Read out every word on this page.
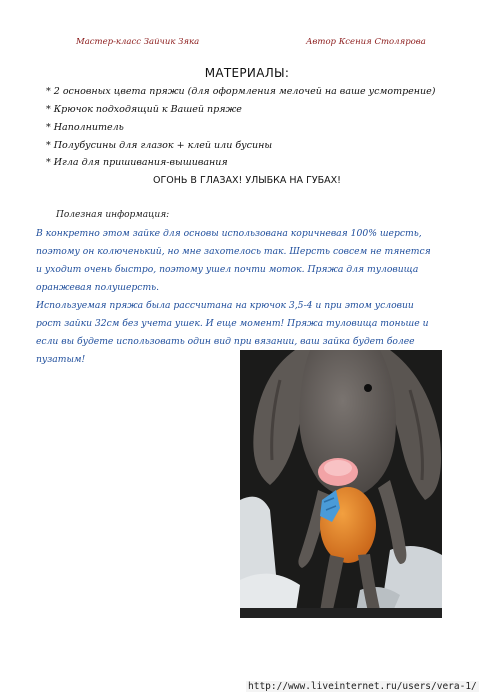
Мастер-класс Зайчик Зяка	Автор Ксения Столярова
МАТЕРИАЛЫ:
* 2 основных цвета пряжи (для оформления мелочей на ваше усмотрение)
* Крючок подходящий к Вашей пряже
* Наполнитель
* Полубусины для глазок + клей или бусины
* Игла для пришивания-вышивания
ОГОНЬ В ГЛАЗАХ! УЛЫБКА НА ГУБАХ!
Полезная информация:
В конкретно этом зайке для основы использована коричневая 100% шерсть,
поэтому он колюченький, но мне захотелось так. Шерсть совсем не тянется
и уходит очень быстро, поэтому ушел почти моток. Пряжа для туловища
оранжевая полушерсть.
Используемая пряжа была рассчитана на крючок 3,5-4 и при этом условии
рост зайки 32см без учета ушек. И еще момент! Пряжа туловища тоньше и
если вы будете использовать один вид при вязании, ваш зайка будет более
пузатым!
http://www.liveinternet.ru/users/vera-1/
